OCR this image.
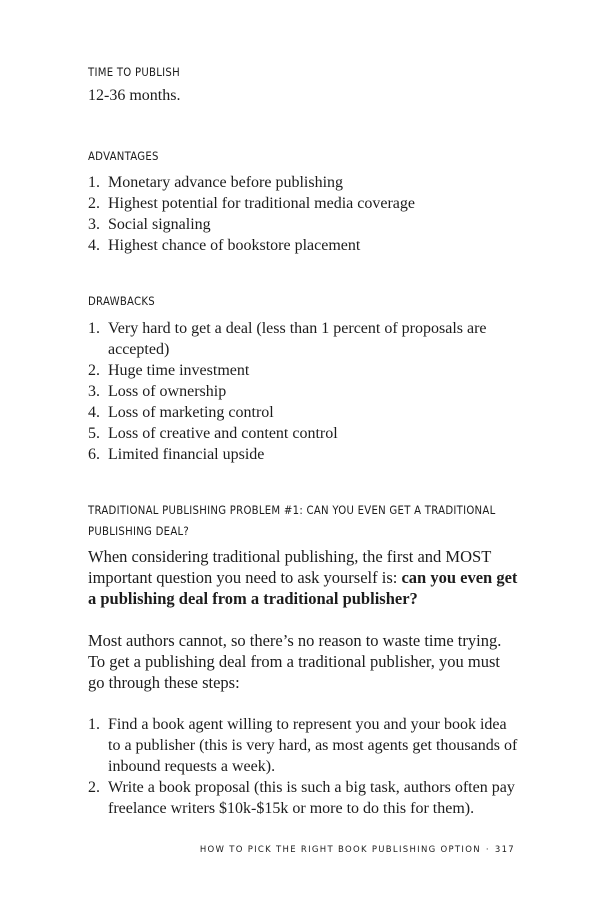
TIME TO PUBLISH

12-36 months.

ADVANTAGES

1. Monetary advance before publishing
2. Highest potential for traditional media coverage
3. Social signaling
4. Highest chance of bookstore placement

DRAWBACKS

1. Very hard to get a deal (less than 1 percent of proposals are accepted)
2. Huge time investment
3. Loss of ownership
4. Loss of marketing control
5. Loss of creative and content control
6. Limited financial upside

TRADITIONAL PUBLISHING PROBLEM #1: CAN YOU EVEN GET A TRADITIONAL

PUBLISHING DEAL?

When considering traditional publishing, the first and MOST important question you need to ask yourself is: can you even get a publishing deal from a traditional publisher?

Most authors cannot, so there’s no reason to waste time trying. To get a publishing deal from a traditional publisher, you must go through these steps:

1. Find a book agent willing to represent you and your book idea to a publisher (this is very hard, as most agents get thousands of inbound requests a week).
2. Write a book proposal (this is such a big task, authors often pay freelance writers $10k-$15k or more to do this for them).
HOW TO PICK THE RIGHT BOOK PUBLISHING OPTION · 317
